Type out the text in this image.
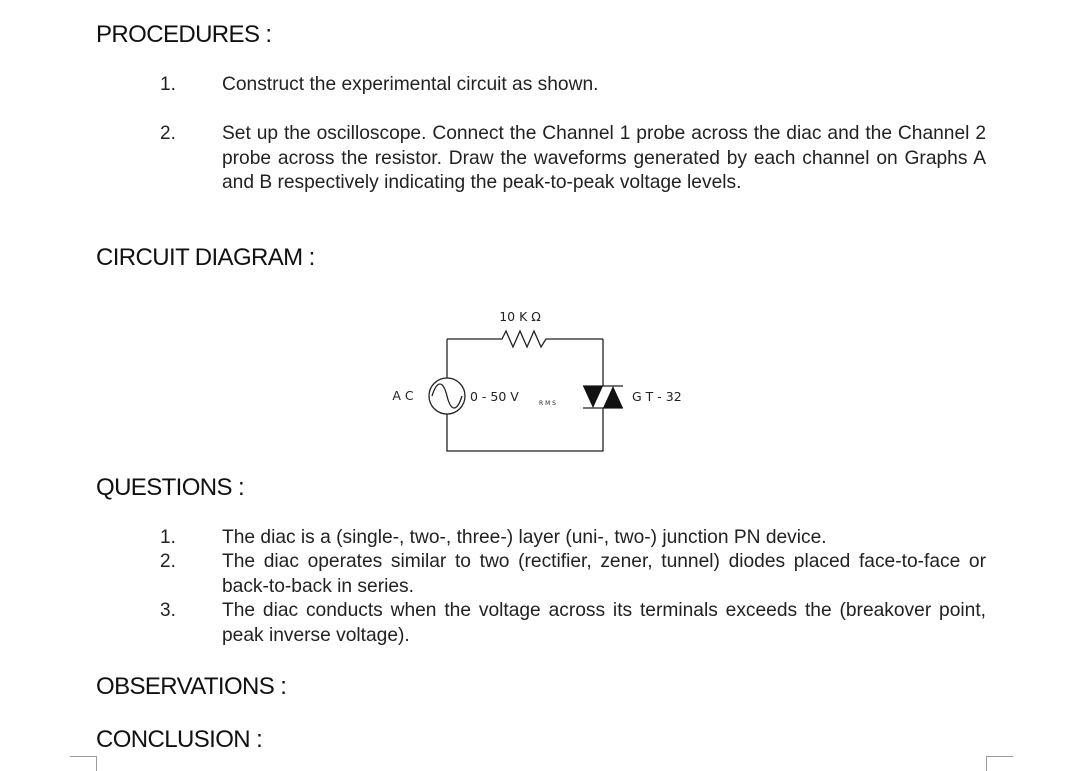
PROCEDURES :
1. Construct the experimental circuit as shown.
2. Set up the oscilloscope. Connect the Channel 1 probe across the diac and the Channel 2 probe across the resistor. Draw the waveforms generated by each channel on Graphs A and B respectively indicating the peak-to-peak voltage levels.
CIRCUIT DIAGRAM :
10 K Ω
A C	0 - 50 V	R M S	G T - 32
QUESTIONS :
1. The diac is a (single-, two-, three-) layer (uni-, two-) junction PN device.
2. The diac operates similar to two (rectifier, zener, tunnel) diodes placed face-to-face or back-to-back in series.
3. The diac conducts when the voltage across its terminals exceeds the (breakover point, peak inverse voltage).
OBSERVATIONS :
CONCLUSION :
